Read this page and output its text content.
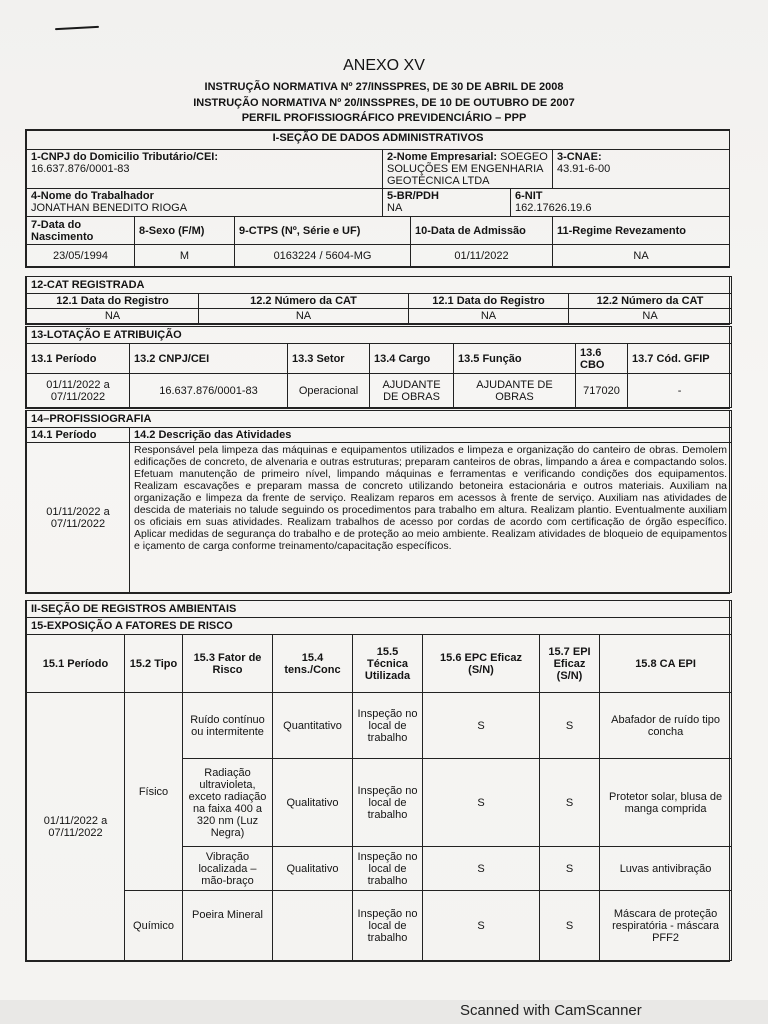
ANEXO XV
INSTRUÇÃO NORMATIVA Nº 27/INSSPRES, DE 30 DE ABRIL DE 2008
INSTRUÇÃO NORMATIVA Nº 20/INSSPRES, DE 10 DE OUTUBRO DE 2007
PERFIL PROFISSIOGRÁFICO PREVIDENCIÁRIO – PPP
I-SEÇÃO DE DADOS ADMINISTRATIVOS						
1-CNPJ do Domicilio Tributário/CEI:
16.637.876/0001-83			2-Nome Empresarial: SOEGEO SOLUÇÕES EM ENGENHARIA GEOTÉCNICA LTDA			3-CNAE:
43.91-6-00
4-Nome do Trabalhador
JONATHAN BENEDITO RIOGA			5-BR/PDH
NA		6-NIT
162.17626.19.6	
7-Data do Nascimento	8-Sexo (F/M)	9-CTPS (Nº, Série e UF)		10-Data de Admissão		11-Regime Revezamento
23/05/1994	M	0163224 / 5604-MG		01/11/2022		NA
12-CAT REGISTRADA			
12.1 Data do Registro	12.2 Número da CAT	12.1 Data do Registro	12.2 Número da CAT
NA	NA	NA	NA
13-LOTAÇÃO E ATRIBUIÇÃO						
13.1 Período	13.2 CNPJ/CEI	13.3 Setor	13.4 Cargo	13.5 Função	13.6 CBO	13.7 Cód. GFIP
01/11/2022 a 07/11/2022	16.637.876/0001-83	Operacional	AJUDANTE DE OBRAS	AJUDANTE DE OBRAS	717020	-
14–PROFISSIOGRAFIA	
14.1 Período	14.2 Descrição das Atividades
01/11/2022 a 07/11/2022	Responsável pela limpeza das máquinas e equipamentos utilizados e limpeza e organização do canteiro de obras. Demolem edificações de concreto, de alvenaria e outras estruturas; preparam canteiros de obras, limpando a área e compactando solos. Efetuam manutenção de primeiro nível, limpando máquinas e ferramentas e verificando condições dos equipamentos. Realizam escavações e preparam massa de concreto utilizando betoneira estacionária e outros materiais. Auxiliam na organização e limpeza da frente de serviço. Realizam reparos em acessos à frente de serviço. Auxiliam nas atividades de descida de materiais no talude seguindo os procedimentos para trabalho em altura. Realizam plantio. Eventualmente auxiliam os oficiais em suas atividades. Realizam trabalhos de acesso por cordas de acordo com certificação de órgão específico. Aplicar medidas de segurança do trabalho e de proteção ao meio ambiente. Realizam atividades de bloqueio de equipamentos e içamento de carga conforme treinamento/capacitação específicos.
II-SEÇÃO DE REGISTROS AMBIENTAIS							
15-EXPOSIÇÃO A FATORES DE RISCO							
15.1 Período	15.2 Tipo	15.3 Fator de Risco	15.4 tens./Conc	15.5 Técnica Utilizada	15.6 EPC Eficaz (S/N)	15.7 EPI Eficaz (S/N)	15.8 CA EPI
01/11/2022 a 07/11/2022	Físico	Ruído contínuo ou intermitente	Quantitativo	Inspeção no local de trabalho	S	S	Abafador de ruído tipo concha
		Radiação ultravioleta, exceto radiação na faixa 400 a 320 nm (Luz Negra)	Qualitativo	Inspeção no local de trabalho	S	S	Protetor solar, blusa de manga comprida
		Vibração localizada – mão-braço	Qualitativo	Inspeção no local de trabalho	S	S	Luvas antivibração
	Químico	Poeira Mineral		Inspeção no local de trabalho	S	S	Máscara de proteção respiratória - máscara PFF2
Scanned with CamScanner
